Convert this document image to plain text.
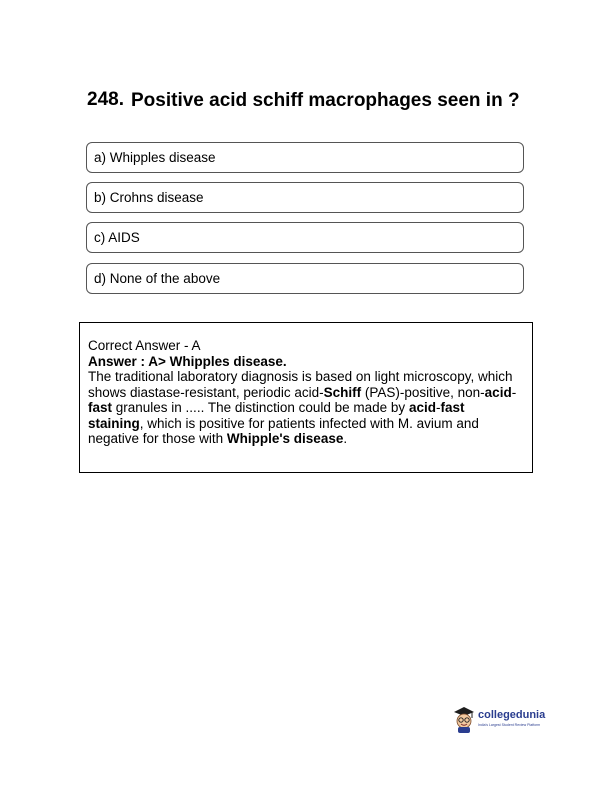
248. Positive acid schiff macrophages seen in ?
a) Whipples disease
b) Crohns disease
c) AIDS
d) None of the above
Correct Answer - A
Answer : A> Whipples disease.
The traditional laboratory diagnosis is based on light microscopy, which shows diastase-resistant, periodic acid-Schiff (PAS)-positive, non-acid-fast granules in ..... The distinction could be made by acid-fast staining, which is positive for patients infected with M. avium and negative for those with Whipple's disease.
collegedunia
India's Largest Student Review Platform
